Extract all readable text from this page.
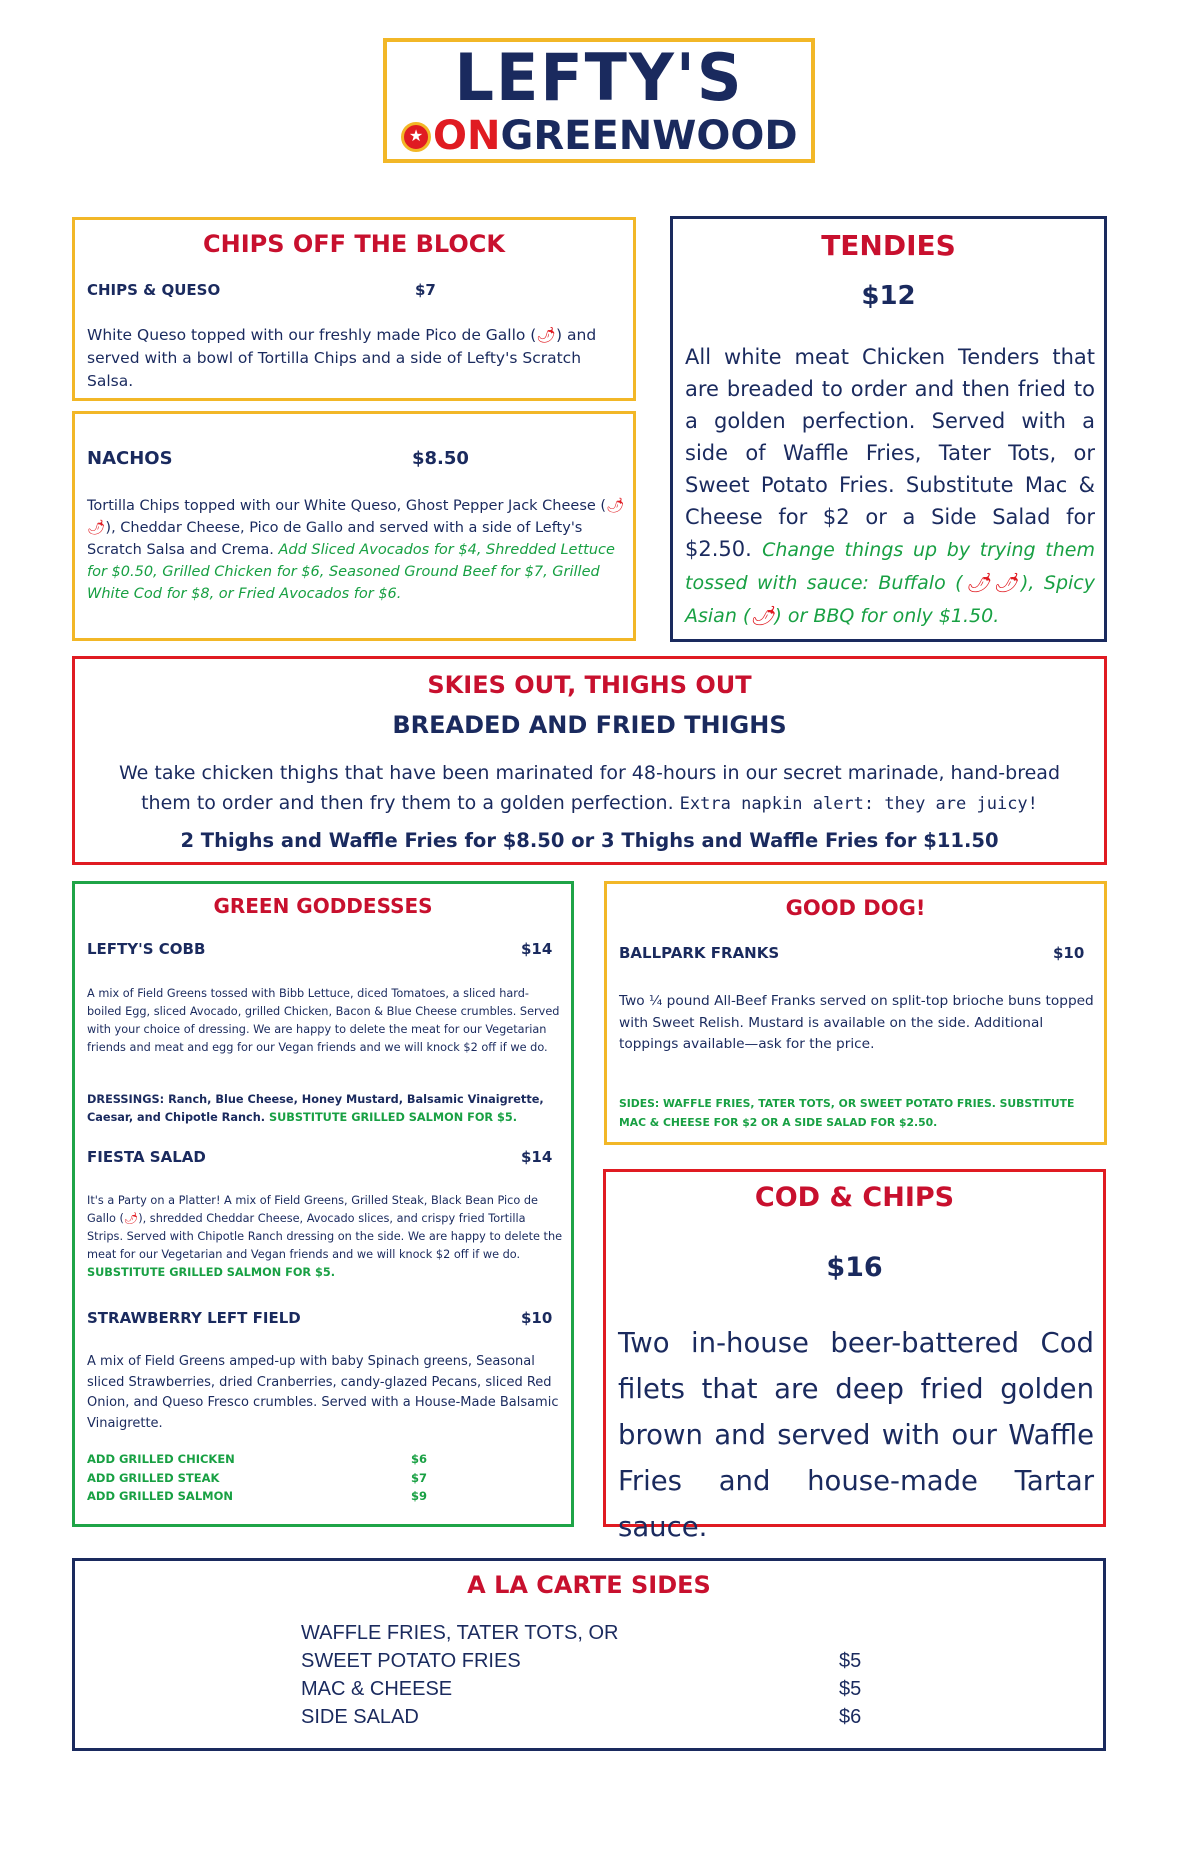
LEFTY'S
★ ONGREENWOOD
CHIPS OFF THE BLOCK
CHIPS & QUESO	$7
White Queso topped with our freshly made Pico de Gallo (🌶) and served with a bowl of Tortilla Chips and a side of Lefty's Scratch Salsa.
NACHOS	$8.50
Tortilla Chips topped with our White Queso, Ghost Pepper Jack Cheese (🌶🌶), Cheddar Cheese, Pico de Gallo and served with a side of Lefty's Scratch Salsa and Crema. Add Sliced Avocados for $4, Shredded Lettuce for $0.50, Grilled Chicken for $6, Seasoned Ground Beef for $7, Grilled White Cod for $8, or Fried Avocados for $6.
TENDIES
$12
All white meat Chicken Tenders that are breaded to order and then fried to a golden perfection. Served with a side of Waffle Fries, Tater Tots, or Sweet Potato Fries. Substitute Mac & Cheese for $2 or a Side Salad for $2.50. Change things up by trying them tossed with sauce: Buffalo (🌶🌶), Spicy Asian (🌶) or BBQ for only $1.50.
SKIES OUT, THIGHS OUT
BREADED AND FRIED THIGHS
We take chicken thighs that have been marinated for 48-hours in our secret marinade, hand-bread them to order and then fry them to a golden perfection. Extra napkin alert: they are juicy!
2 Thighs and Waffle Fries for $8.50 or 3 Thighs and Waffle Fries for $11.50
GREEN GODDESSES
LEFTY'S COBB	$14
A mix of Field Greens tossed with Bibb Lettuce, diced Tomatoes, a sliced hard-boiled Egg, sliced Avocado, grilled Chicken, Bacon & Blue Cheese crumbles. Served with your choice of dressing. We are happy to delete the meat for our Vegetarian friends and meat and egg for our Vegan friends and we will knock $2 off if we do.
DRESSINGS: Ranch, Blue Cheese, Honey Mustard, Balsamic Vinaigrette, Caesar, and Chipotle Ranch. SUBSTITUTE GRILLED SALMON FOR $5.
FIESTA SALAD	$14
It's a Party on a Platter! A mix of Field Greens, Grilled Steak, Black Bean Pico de Gallo (🌶), shredded Cheddar Cheese, Avocado slices, and crispy fried Tortilla Strips. Served with Chipotle Ranch dressing on the side. We are happy to delete the meat for our Vegetarian and Vegan friends and we will knock $2 off if we do. SUBSTITUTE GRILLED SALMON FOR $5.
STRAWBERRY LEFT FIELD	$10
A mix of Field Greens amped-up with baby Spinach greens, Seasonal sliced Strawberries, dried Cranberries, candy-glazed Pecans, sliced Red Onion, and Queso Fresco crumbles. Served with a House-Made Balsamic Vinaigrette.
ADD GRILLED CHICKEN	$6
ADD GRILLED STEAK	$7
ADD GRILLED SALMON	$9
GOOD DOG!
BALLPARK FRANKS	$10
Two ¼ pound All-Beef Franks served on split-top brioche buns topped with Sweet Relish. Mustard is available on the side. Additional toppings available—ask for the price.
SIDES: WAFFLE FRIES, TATER TOTS, OR SWEET POTATO FRIES. SUBSTITUTE MAC & CHEESE FOR $2 OR A SIDE SALAD FOR $2.50.
COD & CHIPS
$16
Two in-house beer-battered Cod filets that are deep fried golden brown and served with our Waffle Fries and house-made Tartar sauce.
A LA CARTE SIDES
WAFFLE FRIES, TATER TOTS, OR	
SWEET POTATO FRIES	$5
MAC & CHEESE	$5
SIDE SALAD	$6
